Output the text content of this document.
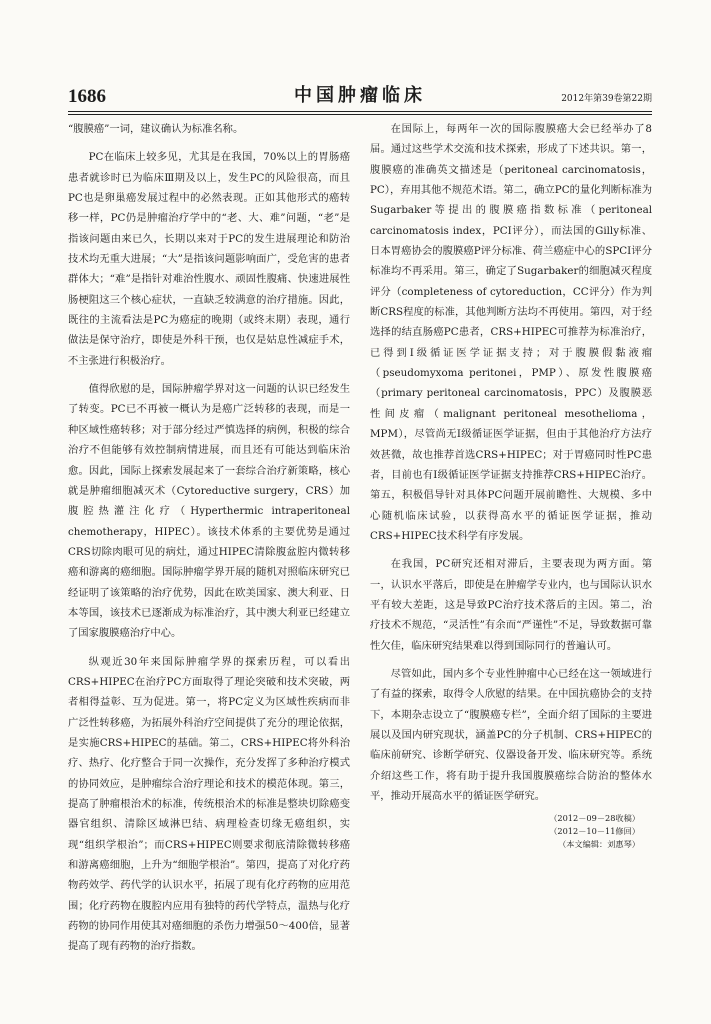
1686	中国肿瘤临床	2012年第39卷第22期

“腹膜癌”一词，建议确认为标准名称。

PC在临床上较多见，尤其是在我国，70%以上的胃肠癌患者就诊时已为临床Ⅲ期及以上，发生PC的风险很高，而且PC也是卵巢癌发展过程中的必然表现。正如其他形式的癌转移一样，PC仍是肿瘤治疗学中的“老、大、难”问题，“老”是指该问题由来已久，长期以来对于PC的发生进展理论和防治技术均无重大进展；“大”是指该问题影响面广，受危害的患者群体大；“难”是指针对难治性腹水、顽固性腹痛、快速进展性肠梗阻这三个核心症状，一直缺乏较满意的治疗措施。因此，既往的主流看法是PC为癌症的晚期（或终末期）表现，通行做法是保守治疗，即使是外科干预，也仅是姑息性减症手术，不主张进行积极治疗。

值得欣慰的是，国际肿瘤学界对这一问题的认识已经发生了转变。PC已不再被一概认为是癌广泛转移的表现，而是一种区域性癌转移；对于部分经过严慎选择的病例，积极的综合治疗不但能够有效控制病情进展，而且还有可能达到临床治愈。因此，国际上探索发展起来了一套综合治疗新策略，核心就是肿瘤细胞减灭术（Cytoreductive surgery，CRS）加腹腔热灌注化疗（Hyperthermic intraperitoneal chemotherapy，HIPEC）。该技术体系的主要优势是通过CRS切除肉眼可见的病灶，通过HIPEC清除腹盆腔内微转移癌和游离的癌细胞。国际肿瘤学界开展的随机对照临床研究已经证明了该策略的治疗优势，因此在欧美国家、澳大利亚、日本等国，该技术已逐渐成为标准治疗，其中澳大利亚已经建立了国家腹膜癌治疗中心。

纵观近30年来国际肿瘤学界的探索历程，可以看出CRS+HIPEC在治疗PC方面取得了理论突破和技术突破，两者相得益彰、互为促进。第一，将PC定义为区域性疾病而非广泛性转移癌，为拓展外科治疗空间提供了充分的理论依据，是实施CRS+HIPEC的基础。第二，CRS+HIPEC将外科治疗、热疗、化疗整合于同一次操作，充分发挥了多种治疗模式的协同效应，是肿瘤综合治疗理论和技术的模范体现。第三，提高了肿瘤根治术的标准，传统根治术的标准是整块切除癌变器官组织、清除区域淋巴结、病理检查切缘无癌组织，实现“组织学根治”；而CRS+HIPEC则要求彻底清除微转移癌和游离癌细胞，上升为“细胞学根治”。第四，提高了对化疗药物药效学、药代学的认识水平，拓展了现有化疗药物的应用范围；化疗药物在腹腔内应用有独特的药代学特点，温热与化疗药物的协同作用使其对癌细胞的杀伤力增强50～400倍，显著提高了现有药物的治疗指数。

在国际上，每两年一次的国际腹膜癌大会已经举办了8届。通过这些学术交流和技术探索，形成了下述共识。第一，腹膜癌的准确英文描述是（peritoneal carcinomatosis，PC），弃用其他不规范术语。第二，确立PC的量化判断标准为Sugarbaker等提出的腹膜癌指数标准（peritoneal carcinomatosis index，PCI评分），而法国的Gilly标准、日本胃癌协会的腹膜癌P评分标准、荷兰癌症中心的SPCI评分标准均不再采用。第三，确定了Sugarbaker的细胞减灭程度评分（completeness of cytoreduction，CC评分）作为判断CRS程度的标准，其他判断方法均不再使用。第四，对于经选择的结直肠癌PC患者，CRS+HIPEC可推荐为标准治疗，已得到Ⅰ级循证医学证据支持；对于腹膜假黏液瘤（pseudomyxoma peritonei，PMP）、原发性腹膜癌（primary peritoneal carcinomatosis，PPC）及腹膜恶性间皮瘤（malignant peritoneal mesothelioma，MPM），尽管尚无Ⅰ级循证医学证据，但由于其他治疗方法疗效甚微，故也推荐首选CRS+HIPEC；对于胃癌同时性PC患者，目前也有Ⅰ级循证医学证据支持推荐CRS+HIPEC治疗。第五，积极倡导针对具体PC问题开展前瞻性、大规模、多中心随机临床试验，以获得高水平的循证医学证据，推动CRS+HIPEC技术科学有序发展。

在我国，PC研究还相对滞后，主要表现为两方面。第一，认识水平落后，即使是在肿瘤学专业内，也与国际认识水平有较大差距，这是导致PC治疗技术落后的主因。第二，治疗技术不规范，“灵活性”有余而“严谨性”不足，导致数据可靠性欠佳，临床研究结果难以得到国际同行的普遍认可。

尽管如此，国内多个专业性肿瘤中心已经在这一领域进行了有益的探索，取得令人欣慰的结果。在中国抗癌协会的支持下，本期杂志设立了“腹膜癌专栏”，全面介绍了国际的主要进展以及国内研究现状，涵盖PC的分子机制、CRS+HIPEC的临床前研究、诊断学研究、仪器设备开发、临床研究等。系统介绍这些工作，将有助于提升我国腹膜癌综合防治的整体水平，推动开展高水平的循证医学研究。

（2012－09－28收稿）
（2012－10－11修回）
（本文编辑：刘惠琴）
